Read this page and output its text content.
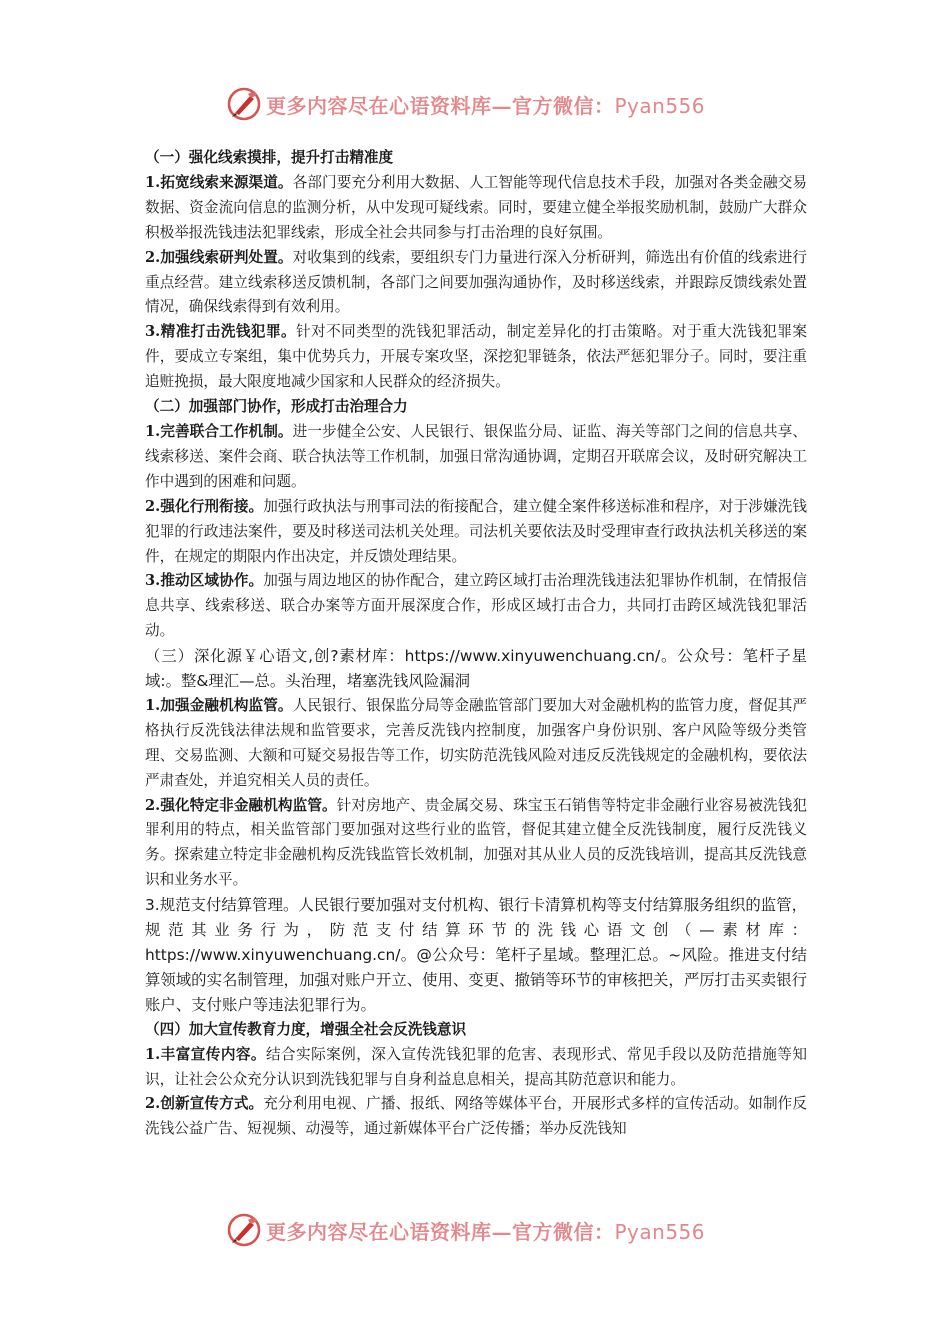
更多内容尽在心语资料库—官方微信：Pyan556

（一）强化线索摸排，提升打击精准度

1.拓宽线索来源渠道。各部门要充分利用大数据、人工智能等现代信息技术手段，加强对各类金融交易数据、资金流向信息的监测分析，从中发现可疑线索。同时，要建立健全举报奖励机制，鼓励广大群众积极举报洗钱违法犯罪线索，形成全社会共同参与打击治理的良好氛围。

2.加强线索研判处置。对收集到的线索，要组织专门力量进行深入分析研判，筛选出有价值的线索进行重点经营。建立线索移送反馈机制，各部门之间要加强沟通协作，及时移送线索，并跟踪反馈线索处置情况，确保线索得到有效利用。

3.精准打击洗钱犯罪。针对不同类型的洗钱犯罪活动，制定差异化的打击策略。对于重大洗钱犯罪案件，要成立专案组，集中优势兵力，开展专案攻坚，深挖犯罪链条，依法严惩犯罪分子。同时，要注重追赃挽损，最大限度地减少国家和人民群众的经济损失。

（二）加强部门协作，形成打击治理合力

1.完善联合工作机制。进一步健全公安、人民银行、银保监分局、证监、海关等部门之间的信息共享、线索移送、案件会商、联合执法等工作机制，加强日常沟通协调，定期召开联席会议，及时研究解决工作中遇到的困难和问题。

2.强化行刑衔接。加强行政执法与刑事司法的衔接配合，建立健全案件移送标准和程序，对于涉嫌洗钱犯罪的行政违法案件，要及时移送司法机关处理。司法机关要依法及时受理审查行政执法机关移送的案件，在规定的期限内作出决定，并反馈处理结果。

3.推动区域协作。加强与周边地区的协作配合，建立跨区域打击治理洗钱违法犯罪协作机制，在情报信息共享、线索移送、联合办案等方面开展深度合作，形成区域打击合力，共同打击跨区域洗钱犯罪活动。

（三）深化源￥心语文,创?素材库：https://www.xinyuwenchuang.cn/。公众号：笔杆子星域:。整&理汇—总。头治理，堵塞洗钱风险漏洞

1.加强金融机构监管。人民银行、银保监分局等金融监管部门要加大对金融机构的监管力度，督促其严格执行反洗钱法律法规和监管要求，完善反洗钱内控制度，加强客户身份识别、客户风险等级分类管理、交易监测、大额和可疑交易报告等工作，切实防范洗钱风险对违反反洗钱规定的金融机构，要依法严肃查处，并追究相关人员的责任。

2.强化特定非金融机构监管。针对房地产、贵金属交易、珠宝玉石销售等特定非金融行业容易被洗钱犯罪利用的特点，相关监管部门要加强对这些行业的监管，督促其建立健全反洗钱制度，履行反洗钱义务。探索建立特定非金融机构反洗钱监管长效机制，加强对其从业人员的反洗钱培训，提高其反洗钱意识和业务水平。

3.规范支付结算管理。人民银行要加强对支付机构、银行卡清算机构等支付结算服务组织的监管，规范其业务行为，防范支付结算环节的洗钱心语文创（—素材库：https://www.xinyuwenchuang.cn/。@公众号：笔杆子星域。整理汇总。~风险。推进支付结算领域的实名制管理，加强对账户开立、使用、变更、撤销等环节的审核把关，严厉打击买卖银行账户、支付账户等违法犯罪行为。

（四）加大宣传教育力度，增强全社会反洗钱意识

1.丰富宣传内容。结合实际案例，深入宣传洗钱犯罪的危害、表现形式、常见手段以及防范措施等知识，让社会公众充分认识到洗钱犯罪与自身利益息息相关，提高其防范意识和能力。

2.创新宣传方式。充分利用电视、广播、报纸、网络等媒体平台，开展形式多样的宣传活动。如制作反洗钱公益广告、短视频、动漫等，通过新媒体平台广泛传播；举办反洗钱知

更多内容尽在心语资料库—官方微信：Pyan556
